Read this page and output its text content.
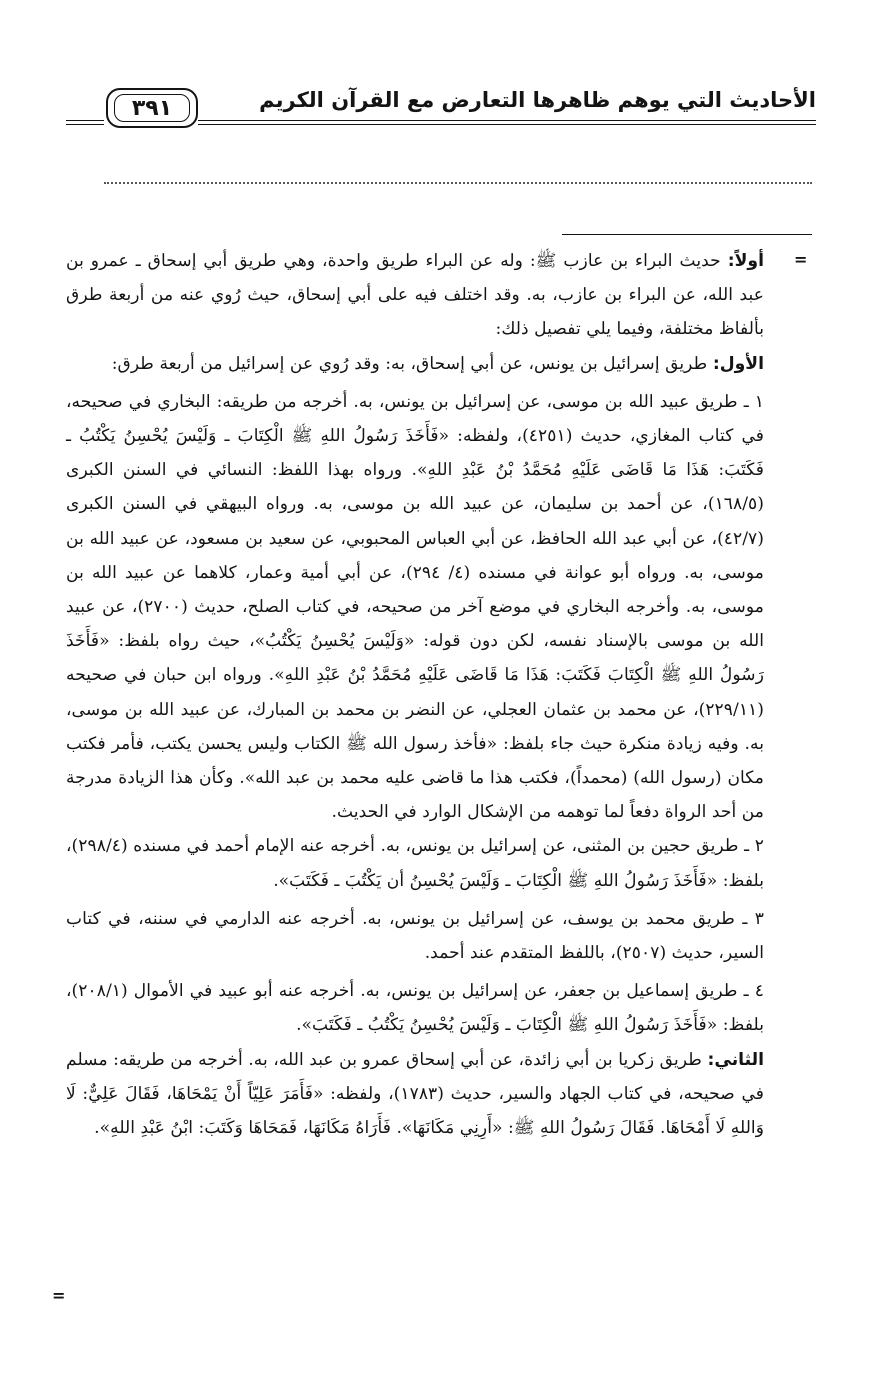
الأحاديث التي يوهم ظاهرها التعارض مع القرآن الكريم
٣٩١
=
=

أولاً: حديث البراء بن عازب ﷺ: وله عن البراء طريق واحدة، وهي طريق أبي إسحاق ـ عمرو بن عبد الله، عن البراء بن عازب، به. وقد اختلف فيه على أبي إسحاق، حيث رُوي عنه من أربعة طرق بألفاظ مختلفة، وفيما يلي تفصيل ذلك:

الأول: طريق إسرائيل بن يونس، عن أبي إسحاق، به: وقد رُوي عن إسرائيل من أربعة طرق:

١ ـ طريق عبيد الله بن موسى، عن إسرائيل بن يونس، به. أخرجه من طريقه: البخاري في صحيحه، في كتاب المغازي، حديث (٤٢٥١)، ولفظه: «فَأَخَذَ رَسُولُ اللهِ ﷺ الْكِتَابَ ـ وَلَيْسَ يُحْسِنُ يَكْتُبُ ـ فَكَتَبَ: هَذَا مَا قَاضَى عَلَيْهِ مُحَمَّدُ بْنُ عَبْدِ اللهِ». ورواه بهذا اللفظ: النسائي في السنن الكبرى (١٦٨/٥)، عن أحمد بن سليمان، عن عبيد الله بن موسى، به. ورواه البيهقي في السنن الكبرى (٤٢/٧)، عن أبي عبد الله الحافظ، عن أبي العباس المحبوبي، عن سعيد بن مسعود، عن عبيد الله بن موسى، به. ورواه أبو عوانة في مسنده (٤/ ٢٩٤)، عن أبي أمية وعمار، كلاهما عن عبيد الله بن موسى، به. وأخرجه البخاري في موضع آخر من صحيحه، في كتاب الصلح، حديث (٢٧٠٠)، عن عبيد الله بن موسى بالإسناد نفسه، لكن دون قوله: «وَلَيْسَ يُحْسِنُ يَكْتُبُ»، حيث رواه بلفظ: «فَأَخَذَ رَسُولُ اللهِ ﷺ الْكِتَابَ فَكَتَبَ: هَذَا مَا قَاضَى عَلَيْهِ مُحَمَّدُ بْنُ عَبْدِ اللهِ». ورواه ابن حبان في صحيحه (٢٢٩/١١)، عن محمد بن عثمان العجلي، عن النضر بن محمد بن المبارك، عن عبيد الله بن موسى، به. وفيه زيادة منكرة حيث جاء بلفظ: «فأخذ رسول الله ﷺ الكتاب وليس يحسن يكتب، فأمر فكتب مكان (رسول الله) (محمداً)، فكتب هذا ما قاضى عليه محمد بن عبد الله». وكأن هذا الزيادة مدرجة من أحد الرواة دفعاً لما توهمه من الإشكال الوارد في الحديث.

٢ ـ طريق حجين بن المثنى، عن إسرائيل بن يونس، به. أخرجه عنه الإمام أحمد في مسنده (٢٩٨/٤)، بلفظ: «فَأَخَذَ رَسُولُ اللهِ ﷺ الْكِتَابَ ـ وَلَيْسَ يُحْسِنُ أن يَكْتُبَ ـ فَكَتَبَ».

٣ ـ طريق محمد بن يوسف، عن إسرائيل بن يونس، به. أخرجه عنه الدارمي في سننه، في كتاب السير، حديث (٢٥٠٧)، باللفظ المتقدم عند أحمد.

٤ ـ طريق إسماعيل بن جعفر، عن إسرائيل بن يونس، به. أخرجه عنه أبو عبيد في الأموال (٢٠٨/١)، بلفظ: «فَأَخَذَ رَسُولُ اللهِ ﷺ الْكِتَابَ ـ وَلَيْسَ يُحْسِنُ يَكْتُبُ ـ فَكَتَبَ».

الثاني: طريق زكريا بن أبي زائدة، عن أبي إسحاق عمرو بن عبد الله، به. أخرجه من طريقه: مسلم في صحيحه، في كتاب الجهاد والسير، حديث (١٧٨٣)، ولفظه: «فَأَمَرَ عَلِيّاً أَنْ يَمْحَاهَا، فَقَالَ عَلِيٌّ: لَا وَاللهِ لَا أَمْحَاهَا. فَقَالَ رَسُولُ اللهِ ﷺ: «أَرِنِي مَكَانَهَا». فَأَرَاهُ مَكَانَهَا، فَمَحَاهَا وَكَتَبَ: ابْنُ عَبْدِ اللهِ».
